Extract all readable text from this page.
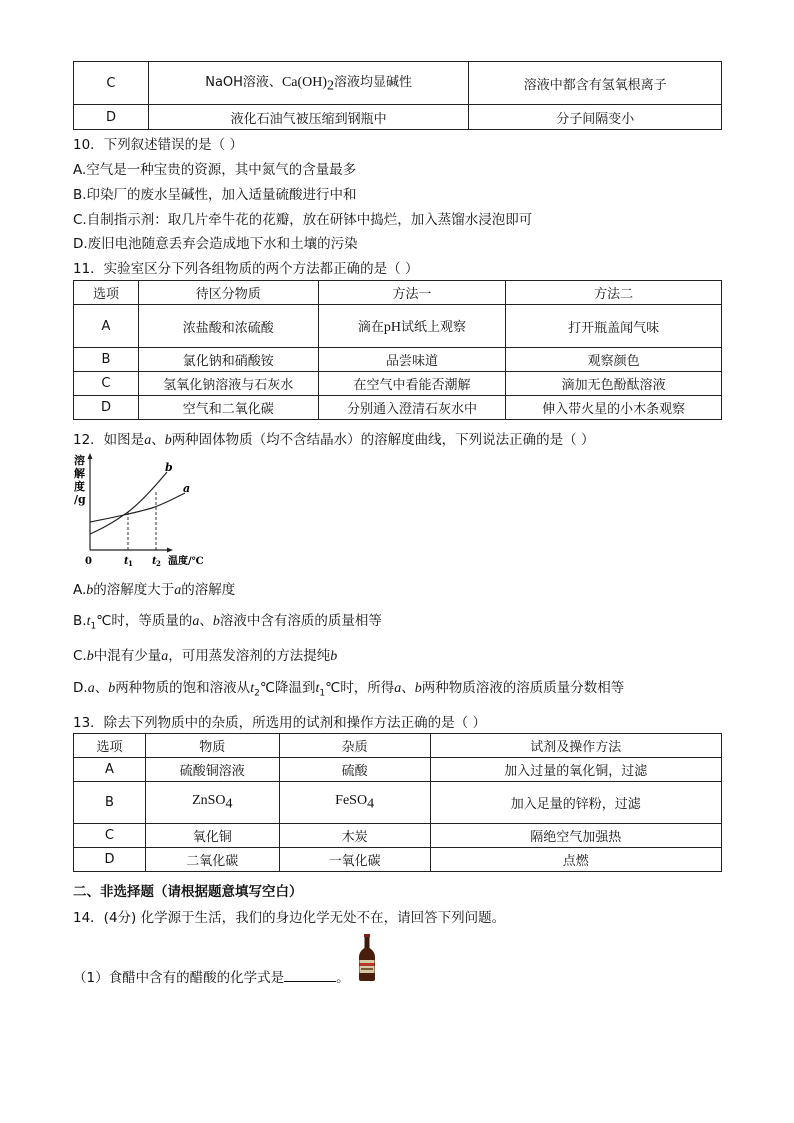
C	NaOH溶液、$Ca(OH)_2$溶液均显碱性	溶液中都含有氢氧根离子
D	液化石油气被压缩到钢瓶中	分子间隔变小
10．下列叙述错误的是（ ）
A.空气是一种宝贵的资源，其中氮气的含量最多
B.印染厂的废水呈碱性，加入适量硫酸进行中和
C.自制指示剂：取几片牵牛花的花瓣，放在研钵中捣烂，加入蒸馏水浸泡即可
D.废旧电池随意丢弃会造成地下水和土壤的污染
11．实验室区分下列各组物质的两个方法都正确的是（ ）
选项	待区分物质	方法一	方法二
A	浓盐酸和浓硫酸	滴在pH试纸上观察	打开瓶盖闻气味
B	氯化钠和硝酸铵	品尝味道	观察颜色
C	氢氧化钠溶液与石灰水	在空气中看能否潮解	滴加无色酚酞溶液
D	空气和二氧化碳	分别通入澄清石灰水中	伸入带火星的小木条观察
12．如图是a、b两种固体物质（均不含结晶水）的溶解度曲线，下列说法正确的是（ ）
溶
解
度
/g
b
a
0	t 1 t 2 温度/℃
A.b的溶解度大于a的溶解度
$B.t_1℃$时，等质量的a、b溶液中含有溶质的质量相等
C.b中混有少量a，可用蒸发溶剂的方法提纯b
D.a、b两种物质的饱和溶液从$t_2℃$降温到$t_1℃$时，所得a、b两种物质溶液的溶质质量分数相等
13．除去下列物质中的杂质，所选用的试剂和操作方法正确的是（ ）
选项	物质	杂质	试剂及操作方法
A	硫酸铜溶液	硫酸	加入过量的氧化铜，过滤
B	ZnSO$_4$	FeSO$_4$	加入足量的锌粉，过滤
C	氧化铜	木炭	隔绝空气加强热
D	二氧化碳	一氧化碳	点燃
二、非选择题（请根据题意填写空白）
14．(4分) 化学源于生活，我们的身边化学无处不在，请回答下列问题。
（1）食醋中含有的醋酸的化学式是	。
